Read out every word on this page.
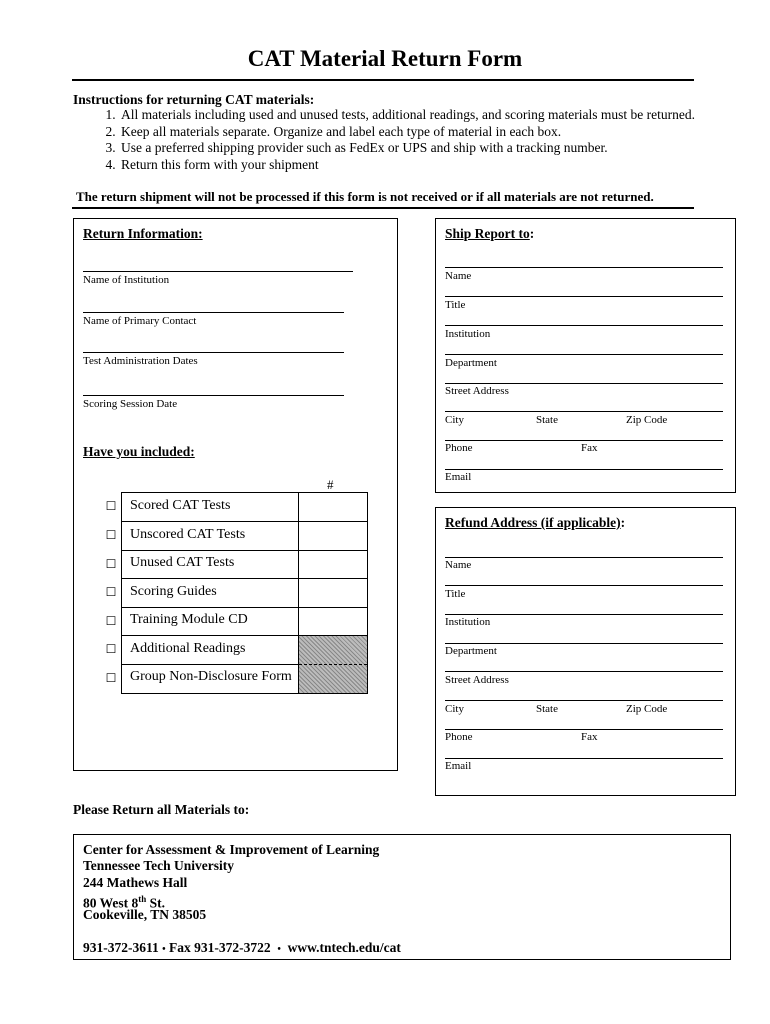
CAT Material Return Form
Instructions for returning CAT materials:
1. All materials including used and unused tests, additional readings, and scoring materials must be returned.
2. Keep all materials separate. Organize and label each type of material in each box.
3. Use a preferred shipping provider such as FedEx or UPS and ship with a tracking number.
4. Return this form with your shipment
The return shipment will not be processed if this form is not received or if all materials are not returned.
Return Information:
Name of Institution
Name of Primary Contact
Test Administration Dates
Scoring Session Date
Have you included:
#
☐ Scored CAT Tests
☐ Unscored CAT Tests
☐ Unused CAT Tests
☐ Scoring Guides
☐ Training Module CD
☐ Additional Readings
☐ Group Non-Disclosure Form
Ship Report to:
Name
Title
Institution
Department
Street Address
City	State	Zip Code
Phone	Fax
Email
Refund Address (if applicable):
Name
Title
Institution
Department
Street Address
City	State	Zip Code
Phone	Fax
Email
Please Return all Materials to:
Center for Assessment & Improvement of Learning
Tennessee Tech University
244 Mathews Hall
80 West 8th St.
Cookeville, TN 38505
931-372-3611 • Fax 931-372-3722 • www.tntech.edu/cat
